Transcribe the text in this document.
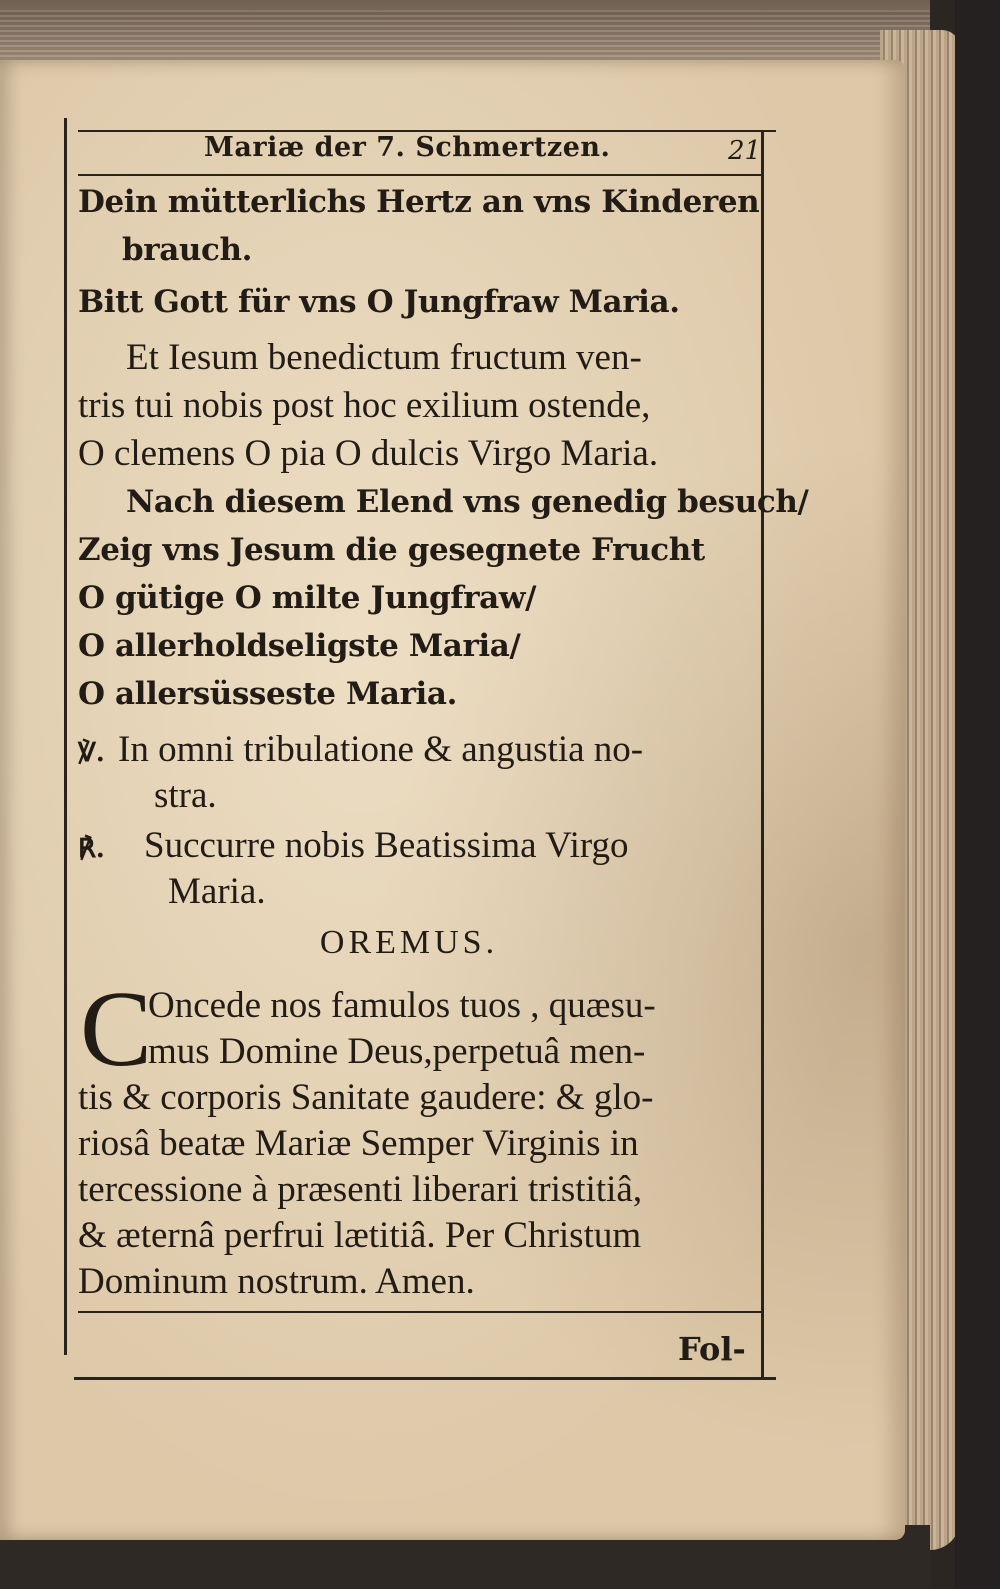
Mariæ der 7. Schmertzen.	21
Dein mütterlichs Hertz an vns Kinderen
brauch.
Bitt Gott für vns O Jungfraw Maria.
Et Iesum benedictum fructum ven-
tris tui nobis post hoc exilium ostende,
O clemens O pia O dulcis Virgo Maria.
Nach diesem Elend vns genedig besuch/
Zeig vns Jesum die gesegnete Frucht
O gütige O milte Jungfraw/
O allerholdseligste Maria/
O allersüsseste Maria.
℣. In omni tribulatione & angustia no-
stra.
℟. Succurre nobis Beatissima Virgo
Maria.
OREMUS.
C
Oncede nos famulos tuos , quæsu-
mus Domine Deus,perpetuâ men-
tis & corporis Sanitate gaudere: & glo-
riosâ beatæ Mariæ Semper Virginis in
tercessione à præsenti liberari tristitiâ,
& æternâ perfrui lætitiâ. Per Christum
Dominum nostrum. Amen.
Fol-
